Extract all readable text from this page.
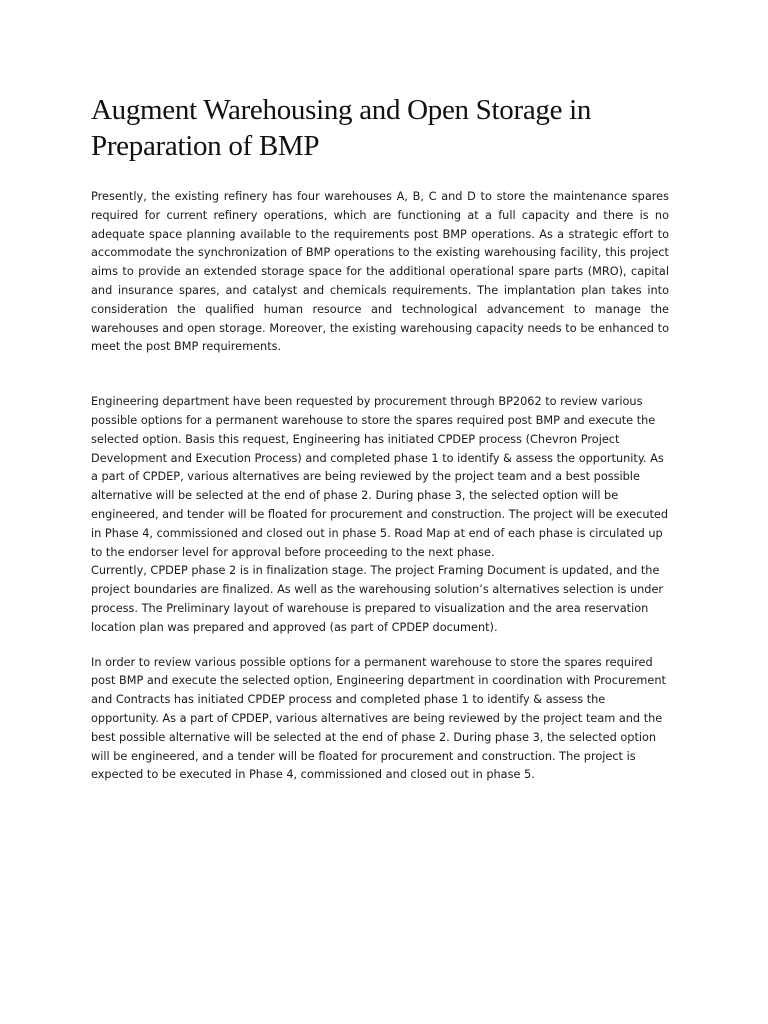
Augment Warehousing and Open Storage in Preparation of BMP

Presently, the existing refinery has four warehouses A, B, C and D to store the maintenance spares required for current refinery operations, which are functioning at a full capacity and there is no adequate space planning available to the requirements post BMP operations. As a strategic effort to accommodate the synchronization of BMP operations to the existing warehousing facility, this project aims to provide an extended storage space for the additional operational spare parts (MRO), capital and insurance spares, and catalyst and chemicals requirements. The implantation plan takes into consideration the qualified human resource and technological advancement to manage the warehouses and open storage. Moreover, the existing warehousing capacity needs to be enhanced to meet the post BMP requirements.

Engineering department have been requested by procurement through BP2062 to review various possible options for a permanent warehouse to store the spares required post BMP and execute the selected option. Basis this request, Engineering has initiated CPDEP process (Chevron Project Development and Execution Process) and completed phase 1 to identify & assess the opportunity. As a part of CPDEP, various alternatives are being reviewed by the project team and a best possible alternative will be selected at the end of phase 2. During phase 3, the selected option will be engineered, and tender will be floated for procurement and construction. The project will be executed in Phase 4, commissioned and closed out in phase 5. Road Map at end of each phase is circulated up to the endorser level for approval before proceeding to the next phase.

Currently, CPDEP phase 2 is in finalization stage. The project Framing Document is updated, and the project boundaries are finalized. As well as the warehousing solution’s alternatives selection is under process. The Preliminary layout of warehouse is prepared to visualization and the area reservation location plan was prepared and approved (as part of CPDEP document).

In order to review various possible options for a permanent warehouse to store the spares required post BMP and execute the selected option, Engineering department in coordination with Procurement and Contracts has initiated CPDEP process and completed phase 1 to identify & assess the opportunity. As a part of CPDEP, various alternatives are being reviewed by the project team and the best possible alternative will be selected at the end of phase 2. During phase 3, the selected option will be engineered, and a tender will be floated for procurement and construction. The project is expected to be executed in Phase 4, commissioned and closed out in phase 5.
